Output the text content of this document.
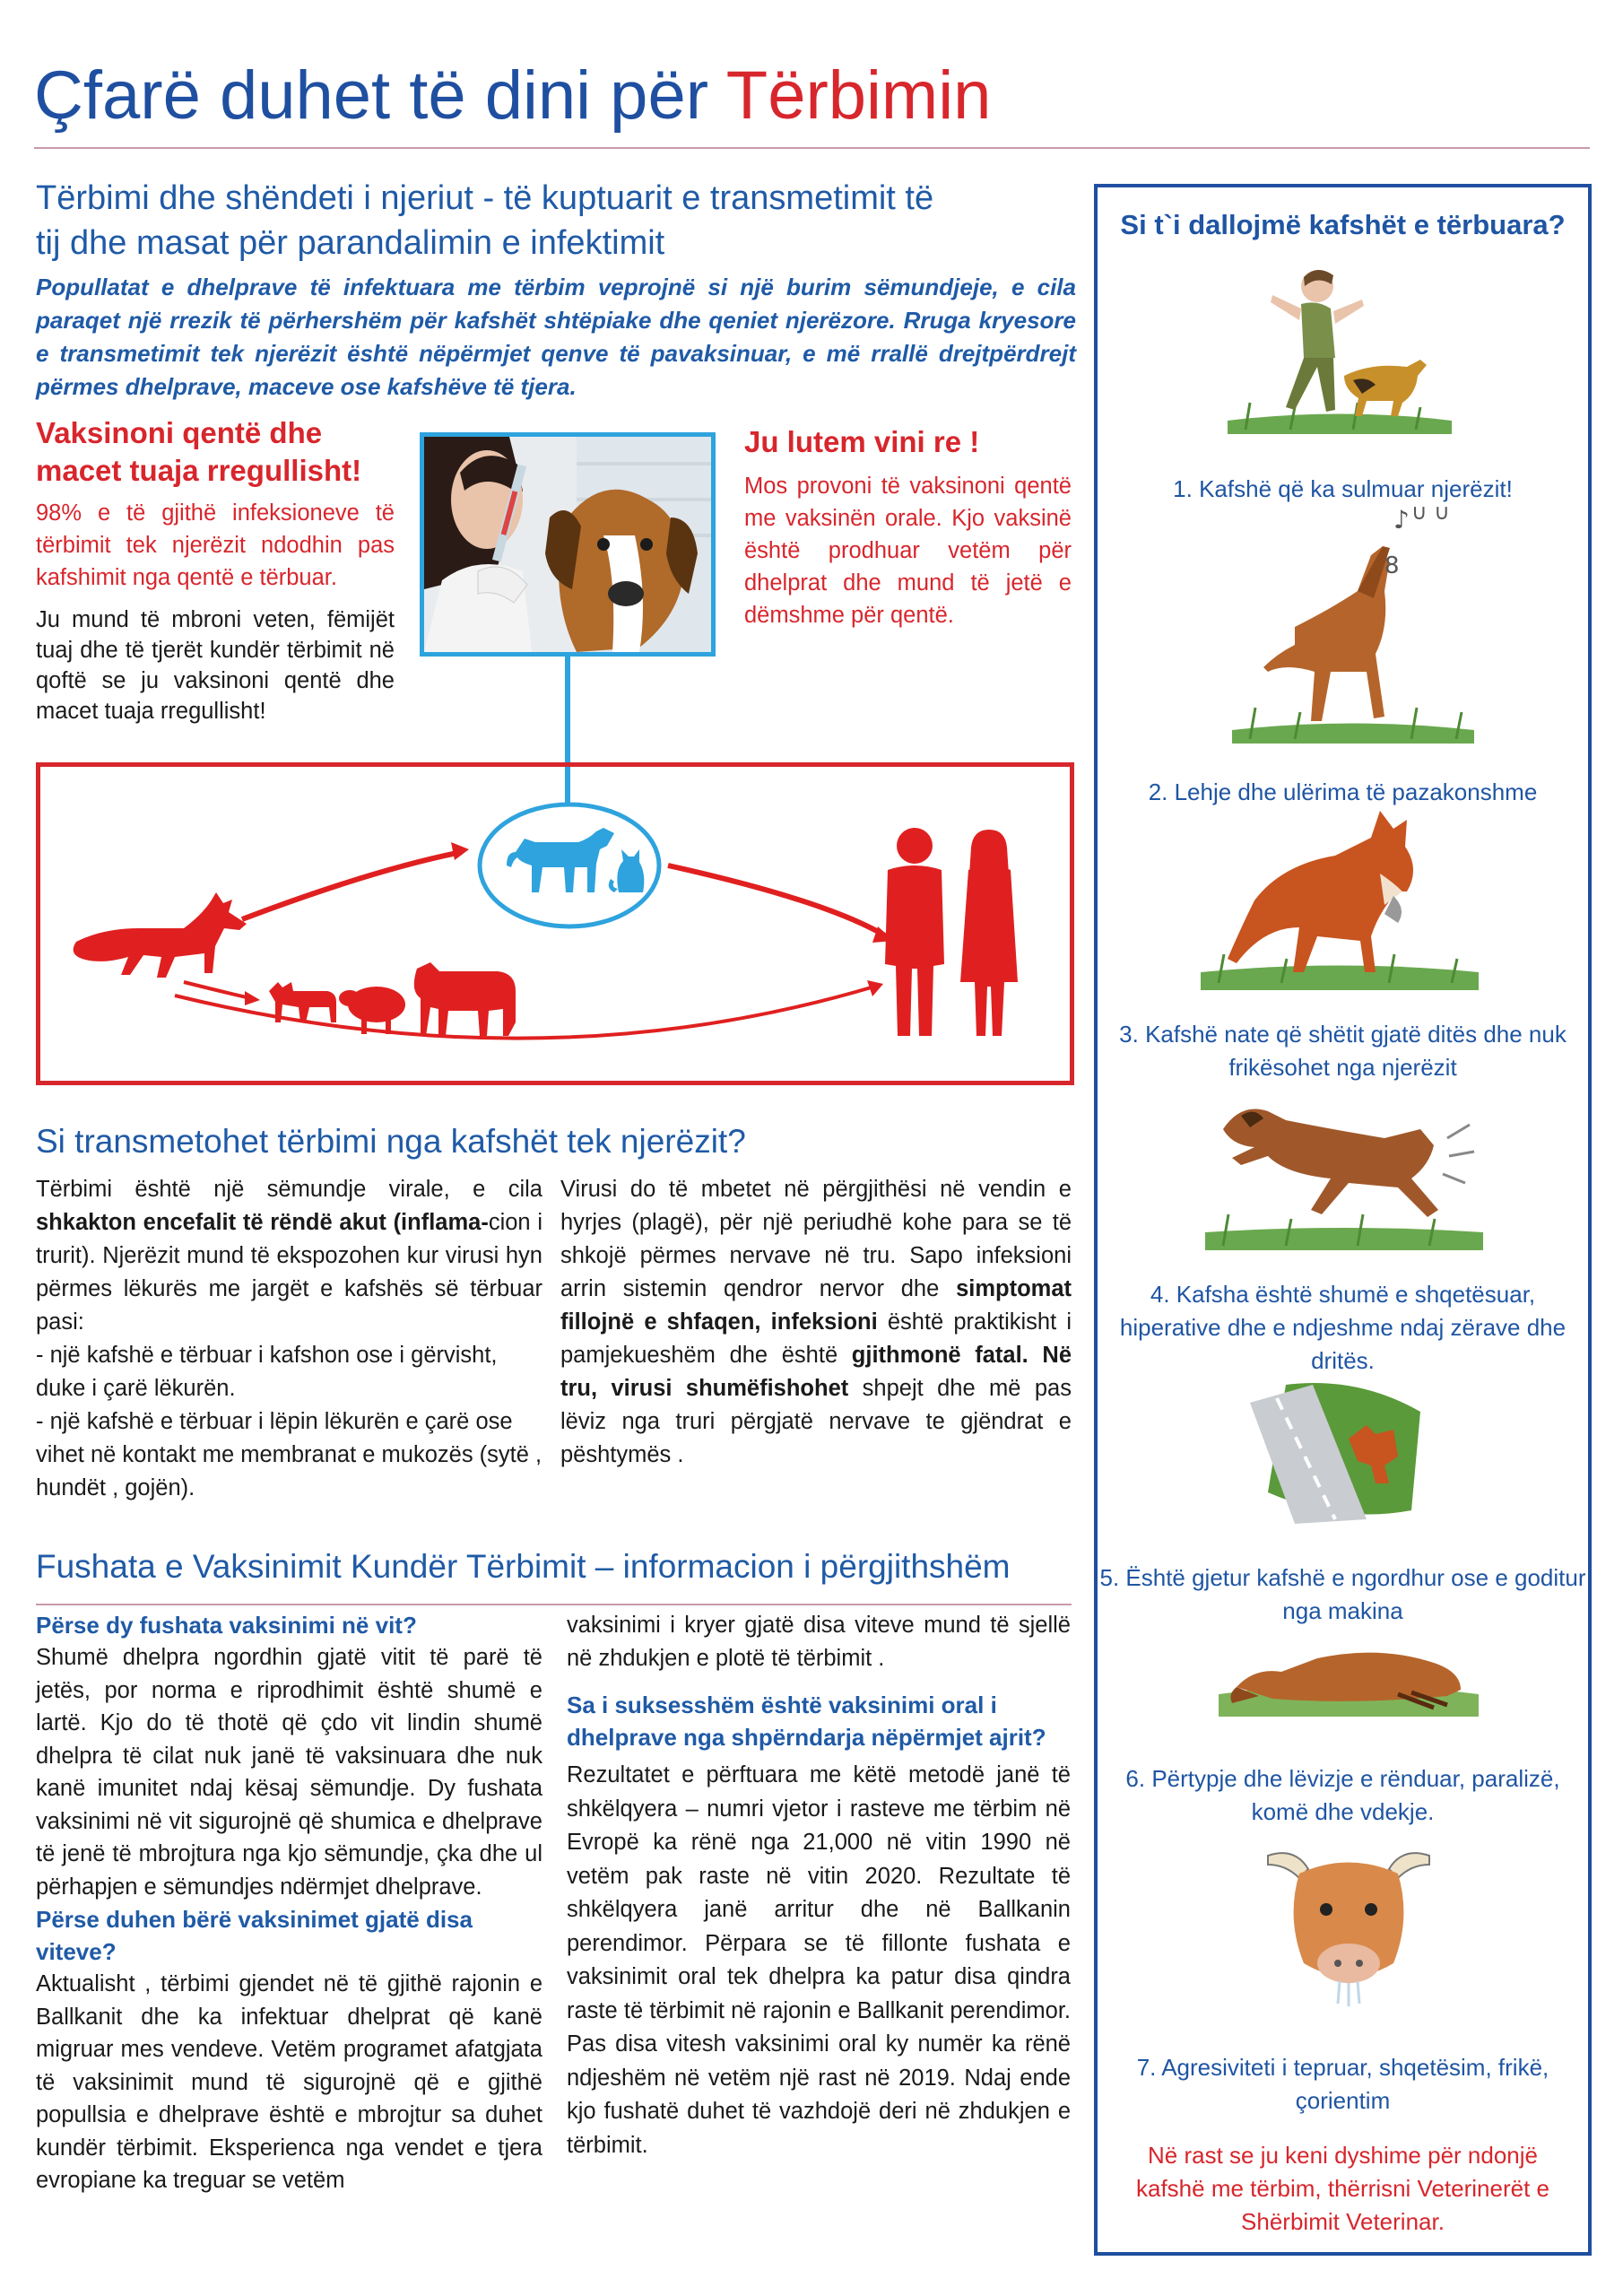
Çfarë duhet të dini për Tërbimin

Tërbimi dhe shëndeti i njeriut - të kuptuarit e transmetimit të

tij dhe masat për parandalimin e infektimit

Popullatat e dhelprave të infektuara me tërbim veprojnë si një burim sëmundjeje, e cila paraqet një rrezik të përhershëm për kafshët shtëpiake dhe qeniet njerëzore. Rruga kryesore e transmetimit tek njerëzit është nëpërmjet qenve të pavaksinuar, e më rrallë drejtpërdrejt përmes dhelprave, maceve ose kafshëve të tjera.

Vaksinoni qentë dhe macet tuaja rregullisht!

98% e të gjithë infeksioneve të tërbimit tek njerëzit ndodhin pas kafshimit nga qentë e tërbuar.

Ju mund të mbroni veten, fëmijët tuaj dhe të tjerët kundër tërbimit në qoftë se ju vaksinoni qentë dhe macet tuaja rregullisht!

Ju lutem vini re !

Mos provoni të vaksinoni qentë me vaksinën orale. Kjo vaksinë është prodhuar vetëm për dhelprat dhe mund të jetë e dëmshme për qentë.

Si transmetohet tërbimi nga kafshët tek njerëzit?

Tërbimi është një sëmundje virale, e cila shkakton encefalit të rëndë akut (inflama-cion i trurit). Njerëzit mund të ekspozohen kur virusi hyn përmes lëkurës me jargët e kafshës së tërbuar pasi:

- një kafshë e tërbuar i kafshon ose i gërvisht, duke i çarë lëkurën.

- një kafshë e tërbuar i lëpin lëkurën e çarë ose vihet në kontakt me membranat e mukozës (sytë , hundët , gojën).

Virusi do të mbetet në përgjithësi në vendin e hyrjes (plagë), për një periudhë kohe para se të shkojë përmes nervave në tru. Sapo infeksioni arrin sistemin qendror nervor dhe simptomat fillojnë e shfaqen, infeksioni është praktikisht i pamjekueshëm dhe është gjithmonë fatal. Në tru, virusi shumëfishohet shpejt dhe më pas lëviz nga truri përgjatë nervave te gjëndrat e pështymës .

Fushata e Vaksinimit Kundër Tërbimit – informacion i përgjithshëm

Përse dy fushata vaksinimi në vit?

Shumë dhelpra ngordhin gjatë vitit të parë të jetës, por norma e riprodhimit është shumë e lartë. Kjo do të thotë që çdo vit lindin shumë dhelpra të cilat nuk janë të vaksinuara dhe nuk kanë imunitet ndaj kësaj sëmundje. Dy fushata vaksinimi në vit sigurojnë që shumica e dhelprave të jenë të mbrojtura nga kjo sëmundje, çka dhe ul përhapjen e sëmundjes ndërmjet dhelprave.

Përse duhen bërë vaksinimet gjatë disa viteve?

Aktualisht , tërbimi gjendet në të gjithë rajonin e Ballkanit dhe ka infektuar dhelprat që kanë migruar mes vendeve. Vetëm programet afatgjata të vaksinimit mund të sigurojnë që e gjithë popullsia e dhelprave është e mbrojtur sa duhet kundër tërbimit. Eksperienca nga vendet e tjera evropiane ka treguar se vetëm

vaksinimi i kryer gjatë disa viteve mund të sjellë në zhdukjen e plotë të tërbimit .

Sa i suksesshëm është vaksinimi oral i dhelprave nga shpërndarja nëpërmjet ajrit?

Rezultatet e përftuara me këtë metodë janë të shkëlqyera – numri vjetor i rasteve me tërbim në Evropë ka rënë nga 21,000 në vitin 1990 në vetëm pak raste në vitin 2020. Rezultate të shkëlqyera janë arritur dhe në Ballkanin perendimor. Përpara se të fillonte fushata e vaksinimit oral tek dhelpra ka patur disa qindra raste të tërbimit në rajonin e Ballkanit perendimor. Pas disa vitesh vaksinimi oral ky numër ka rënë ndjeshëm në vetëm një rast në 2019. Ndaj ende kjo fushatë duhet të vazhdojë deri në zhdukjen e tërbimit.

Si t`i dallojmë kafshët e tërbuara?

1. Kafshë që ka sulmuar njerëzit!

♪ ∪ ∪
8

2. Lehje dhe ulërima të pazakonshme

3. Kafshë nate që shëtit gjatë ditës dhe nuk frikësohet nga njerëzit

4. Kafsha është shumë e shqetësuar, hiperative dhe e ndjeshme ndaj zërave dhe dritës.

5. Është gjetur kafshë e ngordhur ose e goditur nga makina

6. Përtypje dhe lëvizje e rënduar, paralizë, komë dhe vdekje.

7. Agresiviteti i tepruar, shqetësim, frikë, çorientim

Në rast se ju keni dyshime për ndonjë kafshë me tërbim, thërrisni Veterinerët e Shërbimit Veterinar.
